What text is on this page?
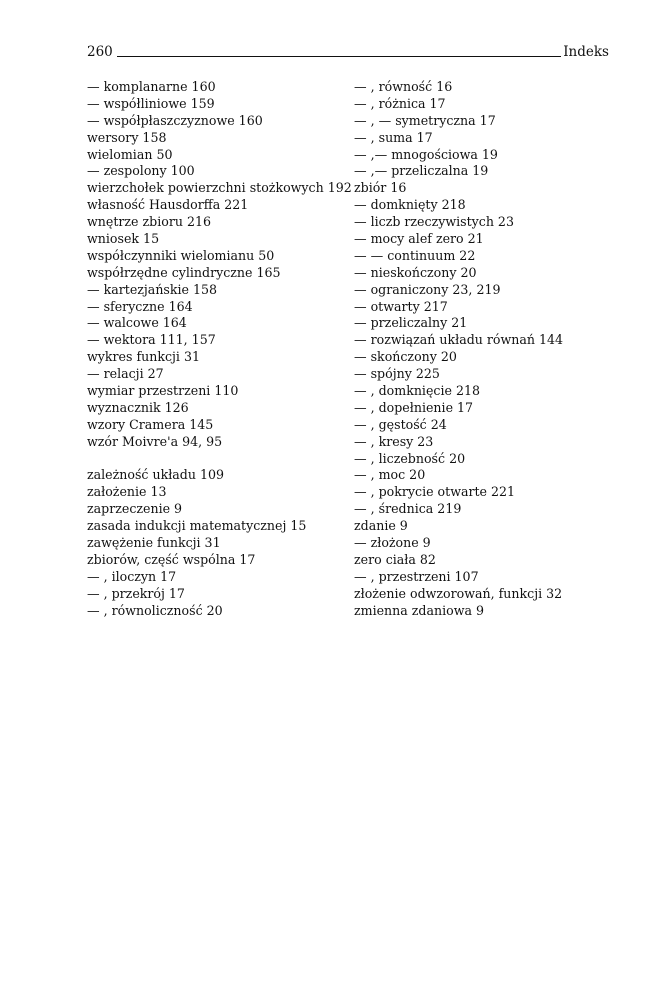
260	Indeks
— komplanarne 160
— współliniowe 159
— współpłaszczyznowe 160
wersory 158
wielomian 50
— zespolony 100
wierzchołek powierzchni stożkowych 192
własność Hausdorffa 221
wnętrze zbioru 216
wniosek 15
współczynniki wielomianu 50
współrzędne cylindryczne 165
— kartezjańskie 158
— sferyczne 164
— walcowe 164
— wektora 111, 157
wykres funkcji 31
— relacji 27
wymiar przestrzeni 110
wyznacznik 126
wzory Cramera 145
wzór Moivre'a 94, 95
zależność układu 109
założenie 13
zaprzeczenie 9
zasada indukcji matematycznej 15
zawężenie funkcji 31
zbiorów, część wspólna 17
— , iloczyn 17
— , przekrój 17
— , równoliczność 20
— , równość 16
— , różnica 17
— , — symetryczna 17
— , suma 17
— ,— mnogościowa 19
— ,— przeliczalna 19
zbiór 16
— domknięty 218
— liczb rzeczywistych 23
— mocy alef zero 21
— — continuum 22
— nieskończony 20
— ograniczony 23, 219
— otwarty 217
— przeliczalny 21
— rozwiązań układu równań 144
— skończony 20
— spójny 225
— , domknięcie 218
— , dopełnienie 17
— , gęstość 24
— , kresy 23
— , liczebność 20
— , moc 20
— , pokrycie otwarte 221
— , średnica 219
zdanie 9
— złożone 9
zero ciała 82
— , przestrzeni 107
złożenie odwzorowań, funkcji 32
zmienna zdaniowa 9
